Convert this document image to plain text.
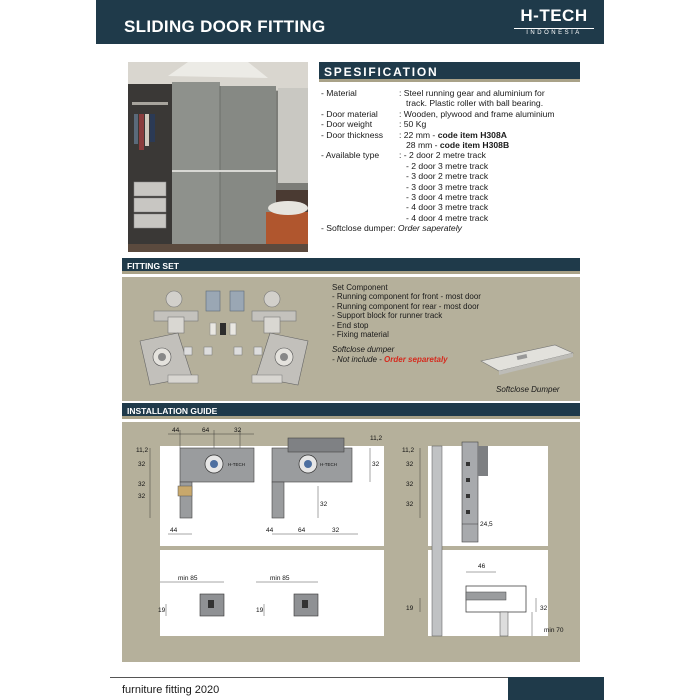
SLIDING DOOR FITTING
H-TECH
INDONESIA
SPESIFICATION
- Material	: Steel running gear and aluminium for
track. Plastic roller with ball bearing.
- Door material	: Wooden, plywood and frame aluminium
- Door weight	: 50 Kg
- Door thickness	: 22 mm - code item H308A
28 mm - code item H308B
- Available type	: - 2 door 2 metre track
- 2 door 3 metre track
- 3 door 2 metre track
- 3 door 3 metre track
- 3 door 4 metre track
- 4 door 3 metre track
- 4 door 4 metre track
- Softclose dumper:
Order saperately
FITTING SET
Set Component
- Running component for front - most door
- Running component for rear - most door
- Support block for runner track
- End stop
- Fixing material
Softclose dumper
- Not include - Order separetaly
Softclose Dumper
INSTALLATION GUIDE
H-TECH	H-TECH
44	64	32
11,2
32
32
32
44	44	64	32
11,2
32
32
min 85	min 85
19	19
11,2
32
32
32
24,5
46
19	32
min 70
furniture fitting 2020
